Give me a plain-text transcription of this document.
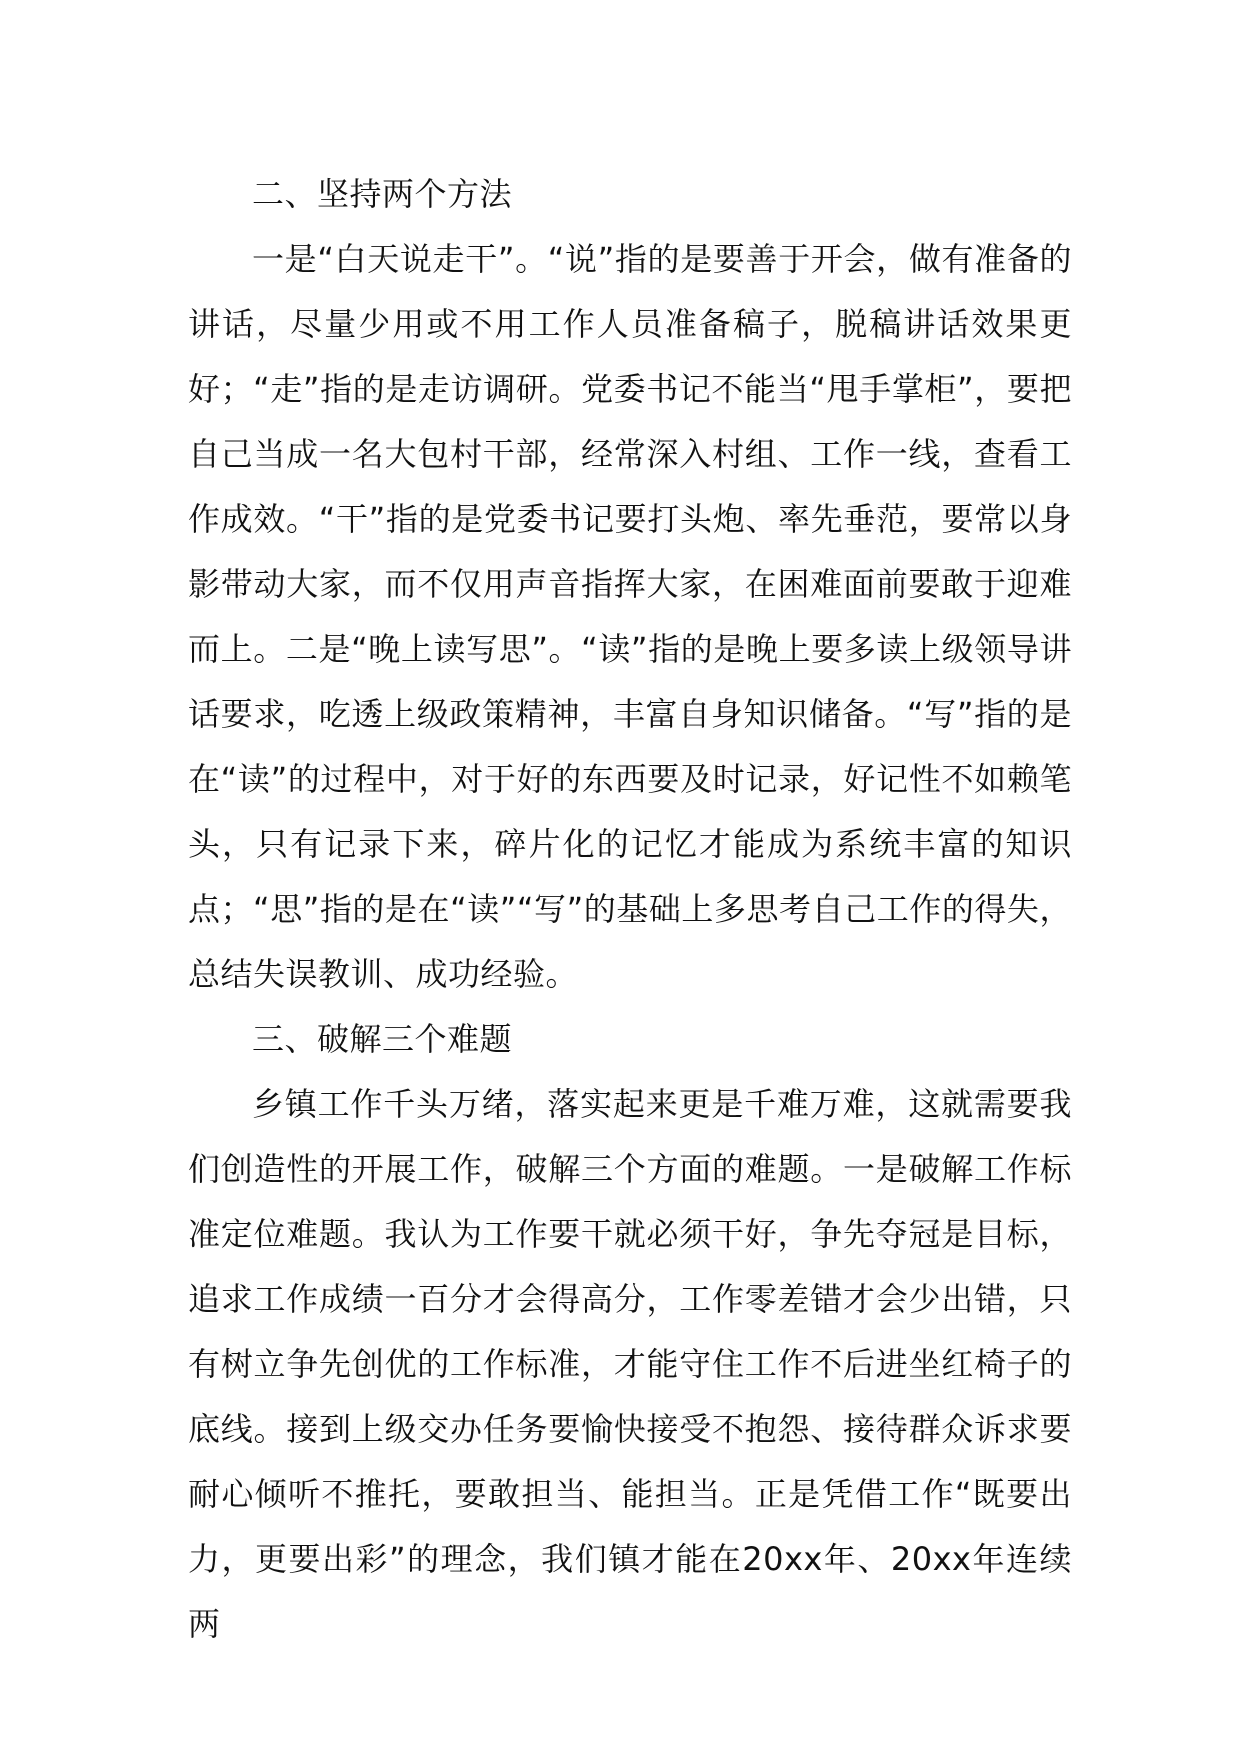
二、坚持两个方法

一是“白天说走干”。“说”指的是要善于开会，做有准备的讲话，尽量少用或不用工作人员准备稿子，脱稿讲话效果更好；“走”指的是走访调研。党委书记不能当“甩手掌柜”，要把自己当成一名大包村干部，经常深入村组、工作一线，查看工作成效。“干”指的是党委书记要打头炮、率先垂范，要常以身影带动大家，而不仅用声音指挥大家，在困难面前要敢于迎难而上。二是“晚上读写思”。“读”指的是晚上要多读上级领导讲话要求，吃透上级政策精神，丰富自身知识储备。“写”指的是在“读”的过程中，对于好的东西要及时记录，好记性不如赖笔头，只有记录下来，碎片化的记忆才能成为系统丰富的知识点；“思”指的是在“读”“写”的基础上多思考自己工作的得失，总结失误教训、成功经验。

三、破解三个难题

乡镇工作千头万绪，落实起来更是千难万难，这就需要我们创造性的开展工作，破解三个方面的难题。一是破解工作标准定位难题。我认为工作要干就必须干好，争先夺冠是目标，追求工作成绩一百分才会得高分，工作零差错才会少出错，只有树立争先创优的工作标准，才能守住工作不后进坐红椅子的底线。接到上级交办任务要愉快接受不抱怨、接待群众诉求要耐心倾听不推托，要敢担当、能担当。正是凭借工作“既要出力，更要出彩”的理念，我们镇才能在20xx年、20xx年连续两
